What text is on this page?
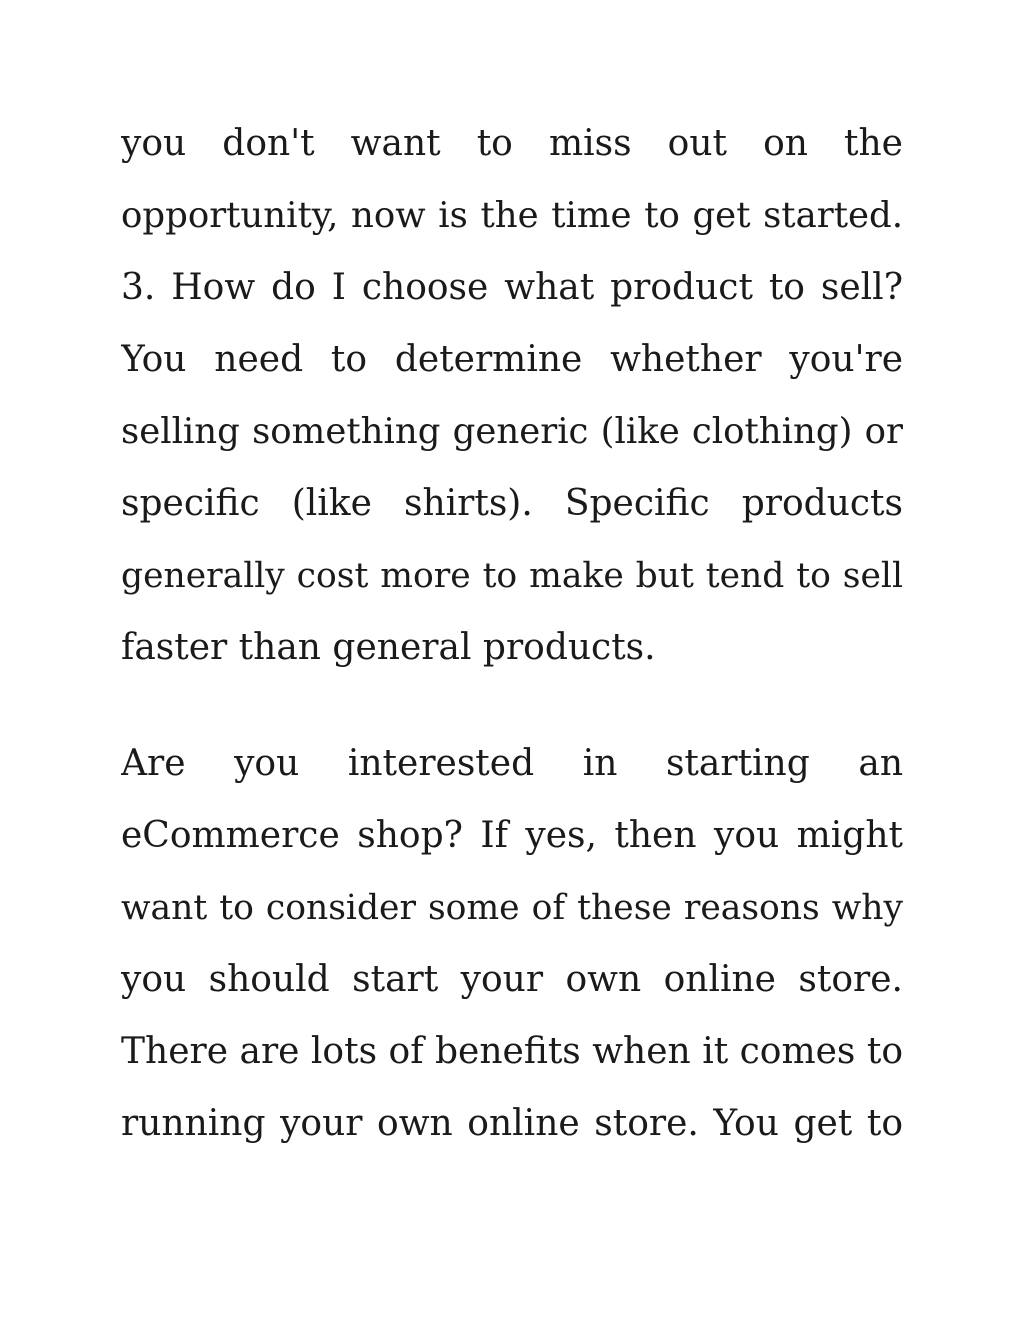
you don't want to miss out on the
opportunity, now is the time to get started.
3. How do I choose what product to sell?
You need to determine whether you're
selling something generic (like clothing) or
specific (like shirts). Specific products
generally cost more to make but tend to sell
faster than general products.

Are you interested in starting an
eCommerce shop? If yes, then you might
want to consider some of these reasons why
you should start your own online store.
There are lots of benefits when it comes to
running your own online store. You get to
